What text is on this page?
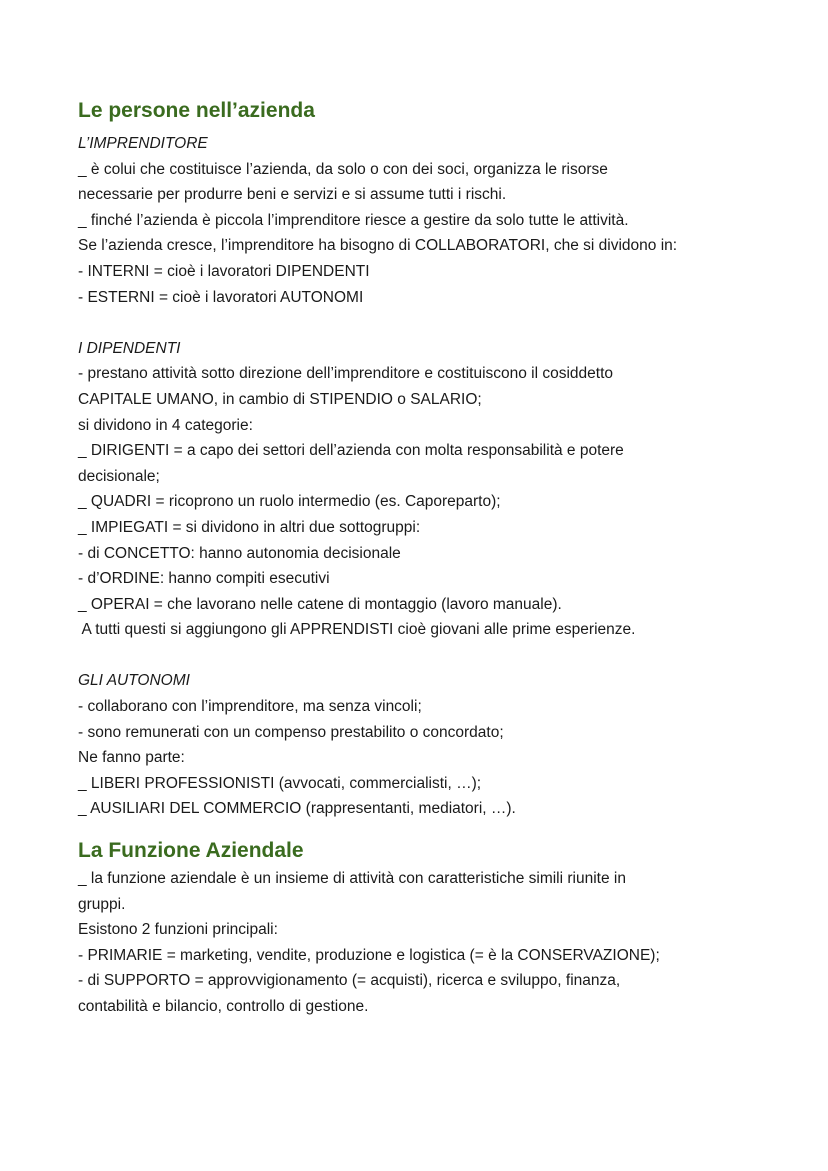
Le persone nell’azienda

L’IMPRENDITORE

_ è colui che costituisce l’azienda, da solo o con dei soci, organizza le risorse

necessarie per produrre beni e servizi e si assume tutti i rischi.

_ finché l’azienda è piccola l’imprenditore riesce a gestire da solo tutte le attività.

Se l’azienda cresce, l’imprenditore ha bisogno di COLLABORATORI, che si dividono in:

- INTERNI = cioè i lavoratori DIPENDENTI

- ESTERNI = cioè i lavoratori AUTONOMI

I DIPENDENTI

- prestano attività sotto direzione dell’imprenditore e costituiscono il cosiddetto

CAPITALE UMANO, in cambio di STIPENDIO o SALARIO;

si dividono in 4 categorie:

_ DIRIGENTI = a capo dei settori dell’azienda con molta responsabilità e potere

decisionale;

_ QUADRI = ricoprono un ruolo intermedio (es. Caporeparto);

_ IMPIEGATI = si dividono in altri due sottogruppi:

- di CONCETTO: hanno autonomia decisionale

- d’ORDINE: hanno compiti esecutivi

_ OPERAI = che lavorano nelle catene di montaggio (lavoro manuale).

A tutti questi si aggiungono gli APPRENDISTI cioè giovani alle prime esperienze.

GLI AUTONOMI

- collaborano con l’imprenditore, ma senza vincoli;

- sono remunerati con un compenso prestabilito o concordato;

Ne fanno parte:

_ LIBERI PROFESSIONISTI (avvocati, commercialisti, …);

_ AUSILIARI DEL COMMERCIO (rappresentanti, mediatori, …).

La Funzione Aziendale

_ la funzione aziendale è un insieme di attività con caratteristiche simili riunite in

gruppi.

Esistono 2 funzioni principali:

- PRIMARIE = marketing, vendite, produzione e logistica (= è la CONSERVAZIONE);

- di SUPPORTO = approvvigionamento (= acquisti), ricerca e sviluppo, finanza,

contabilità e bilancio, controllo di gestione.
